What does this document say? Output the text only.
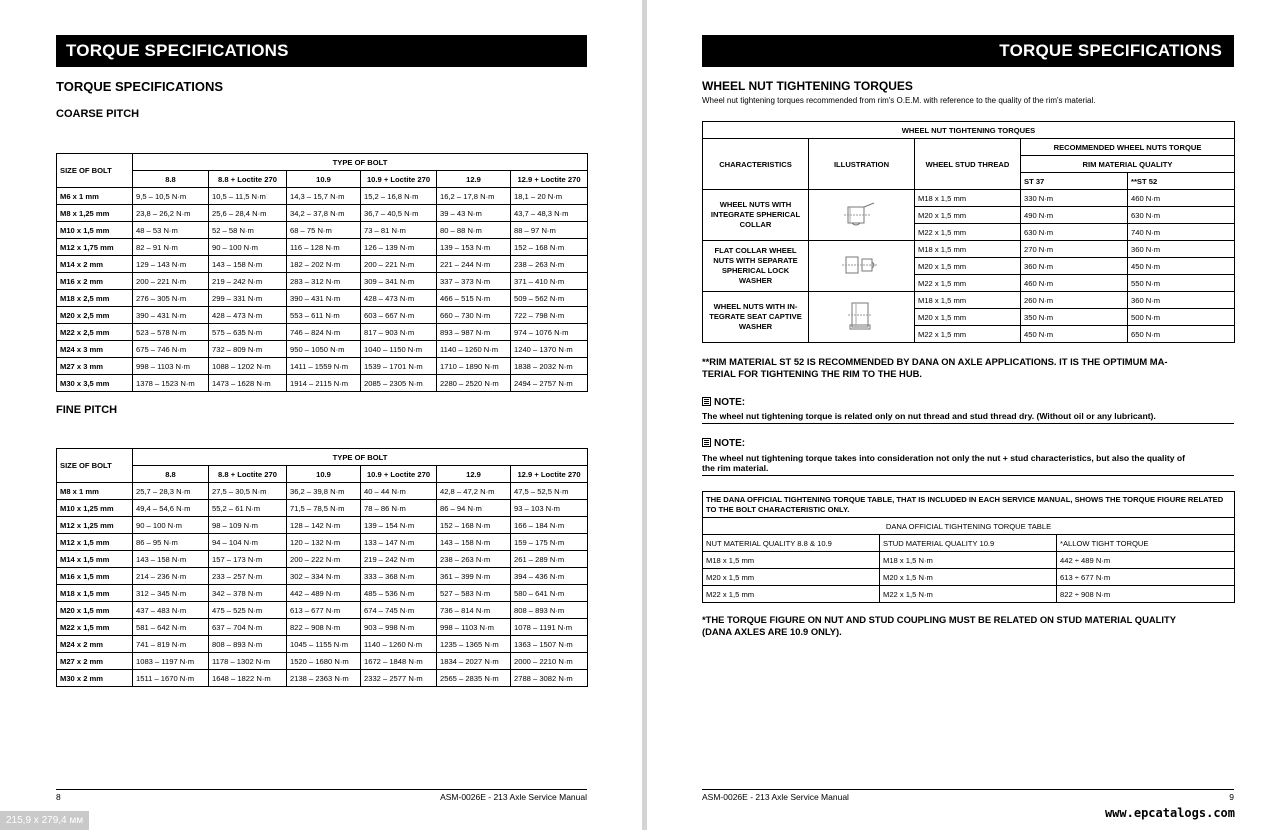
TORQUE SPECIFICATIONS
TORQUE SPECIFICATIONS
COARSE PITCH
SIZE OF BOLT	TYPE OF BOLT					
	8.8	8.8 + Loctite 270	10.9	10.9 + Loctite 270	12.9	12.9 + Loctite 270
M6 x 1 mm	9,5 – 10,5 N·m	10,5 – 11,5 N·m	14,3 – 15,7 N·m	15,2 – 16,8 N·m	16,2 – 17,8 N·m	18,1 – 20 N·m
M8 x 1,25 mm	23,8 – 26,2 N·m	25,6 – 28,4 N·m	34,2 – 37,8 N·m	36,7 – 40,5 N·m	39 – 43 N·m	43,7 – 48,3 N·m
M10 x 1,5 mm	48 – 53 N·m	52 – 58 N·m	68 – 75 N·m	73 – 81 N·m	80 – 88 N·m	88 – 97 N·m
M12 x 1,75 mm	82 – 91 N·m	90 – 100 N·m	116 – 128 N·m	126 – 139 N·m	139 – 153 N·m	152 – 168 N·m
M14 x 2 mm	129 – 143 N·m	143 – 158 N·m	182 – 202 N·m	200 – 221 N·m	221 – 244 N·m	238 – 263 N·m
M16 x 2 mm	200 – 221 N·m	219 – 242 N·m	283 – 312 N·m	309 – 341 N·m	337 – 373 N·m	371 – 410 N·m
M18 x 2,5 mm	276 – 305 N·m	299 – 331 N·m	390 – 431 N·m	428 – 473 N·m	466 – 515 N·m	509 – 562 N·m
M20 x 2,5 mm	390 – 431 N·m	428 – 473 N·m	553 – 611 N·m	603 – 667 N·m	660 – 730 N·m	722 – 798 N·m
M22 x 2,5 mm	523 – 578 N·m	575 – 635 N·m	746 – 824 N·m	817 – 903 N·m	893 – 987 N·m	974 – 1076 N·m
M24 x 3 mm	675 – 746 N·m	732 – 809 N·m	950 – 1050 N·m	1040 – 1150 N·m	1140 – 1260 N·m	1240 – 1370 N·m
M27 x 3 mm	998 – 1103 N·m	1088 – 1202 N·m	1411 – 1559 N·m	1539 – 1701 N·m	1710 – 1890 N·m	1838 – 2032 N·m
M30 x 3,5 mm	1378 – 1523 N·m	1473 – 1628 N·m	1914 – 2115 N·m	2085 – 2305 N·m	2280 – 2520 N·m	2494 – 2757 N·m
FINE PITCH
SIZE OF BOLT	TYPE OF BOLT					
	8.8	8.8 + Loctite 270	10.9	10.9 + Loctite 270	12.9	12.9 + Loctite 270
M8 x 1 mm	25,7 – 28,3 N·m	27,5 – 30,5 N·m	36,2 – 39,8 N·m	40 – 44 N·m	42,8 – 47,2 N·m	47,5 – 52,5 N·m
M10 x 1,25 mm	49,4 – 54,6 N·m	55,2 – 61 N·m	71,5 – 78,5 N·m	78 – 86 N·m	86 – 94 N·m	93 – 103 N·m
M12 x 1,25 mm	90 – 100 N·m	98 – 109 N·m	128 – 142 N·m	139 – 154 N·m	152 – 168 N·m	166 – 184 N·m
M12 x 1,5 mm	86 – 95 N·m	94 – 104 N·m	120 – 132 N·m	133 – 147 N·m	143 – 158 N·m	159 – 175 N·m
M14 x 1,5 mm	143 – 158 N·m	157 – 173 N·m	200 – 222 N·m	219 – 242 N·m	238 – 263 N·m	261 – 289 N·m
M16 x 1,5 mm	214 – 236 N·m	233 – 257 N·m	302 – 334 N·m	333 – 368 N·m	361 – 399 N·m	394 – 436 N·m
M18 x 1,5 mm	312 – 345 N·m	342 – 378 N·m	442 – 489 N·m	485 – 536 N·m	527 – 583 N·m	580 – 641 N·m
M20 x 1,5 mm	437 – 483 N·m	475 – 525 N·m	613 – 677 N·m	674 – 745 N·m	736 – 814 N·m	808 – 893 N·m
M22 x 1,5 mm	581 – 642 N·m	637 – 704 N·m	822 – 908 N·m	903 – 998 N·m	998 – 1103 N·m	1078 – 1191 N·m
M24 x 2 mm	741 – 819 N·m	808 – 893 N·m	1045 – 1155 N·m	1140 – 1260 N·m	1235 – 1365 N·m	1363 – 1507 N·m
M27 x 2 mm	1083 – 1197 N·m	1178 – 1302 N·m	1520 – 1680 N·m	1672 – 1848 N·m	1834 – 2027 N·m	2000 – 2210 N·m
M30 x 2 mm	1511 – 1670 N·m	1648 – 1822 N·m	2138 – 2363 N·m	2332 – 2577 N·m	2565 – 2835 N·m	2788 – 3082 N·m
8	ASM-0026E - 213 Axle Service Manual
TORQUE SPECIFICATIONS
WHEEL NUT TIGHTENING TORQUES
Wheel nut tightening torques recommended from rim's O.E.M. with reference to the quality of the rim's material.
WHEEL NUT TIGHTENING TORQUES				
CHARACTERISTICS	ILLUSTRATION	WHEEL STUD THREAD	RECOMMENDED WHEEL NUTS TORQUE	
			RIM MATERIAL QUALITY	
			ST 37	**ST 52
WHEEL NUTS WITH INTEGRATE SPHERICAL COLLAR		M18 x 1,5 mm	330 N·m	460 N·m
		M20 x 1,5 mm	490 N·m	630 N·m
		M22 x 1,5 mm	630 N·m	740 N·m
FLAT COLLAR WHEEL NUTS WITH SEPARATE SPHERICAL LOCK WASHER		M18 x 1,5 mm	270 N·m	360 N·m
		M20 x 1,5 mm	360 N·m	450 N·m
		M22 x 1,5 mm	460 N·m	550 N·m
WHEEL NUTS WITH IN-TEGRATE SEAT CAPTIVE WASHER		M18 x 1,5 mm	260 N·m	360 N·m
		M20 x 1,5 mm	350 N·m	500 N·m
		M22 x 1,5 mm	450 N·m	650 N·m
**RIM MATERIAL ST 52 IS RECOMMENDED BY DANA ON AXLE APPLICATIONS. IT IS THE OPTIMUM MA-
TERIAL FOR TIGHTENING THE RIM TO THE HUB.
NOTE:
The wheel nut tightening torque is related only on nut thread and stud thread dry. (Without oil or any lubricant).
NOTE:
The wheel nut tightening torque takes into consideration not only the nut + stud characteristics, but also the quality of
the rim material.
THE DANA OFFICIAL TIGHTENING TORQUE TABLE, THAT IS INCLUDED IN EACH SERVICE MANUAL, SHOWS THE TORQUE FIGURE RELATED TO THE BOLT CHARACTERISTIC ONLY.		
DANA OFFICIAL TIGHTENING TORQUE TABLE		
NUT MATERIAL QUALITY 8.8 & 10.9	STUD MATERIAL QUALITY 10.9	*ALLOW TIGHT TORQUE
M18 x 1,5 mm	M18 x 1,5 N·m	442 ÷ 489 N·m
M20 x 1,5 mm	M20 x 1,5 N·m	613 ÷ 677 N·m
M22 x 1,5 mm	M22 x 1,5 N·m	822 ÷ 908 N·m
*THE TORQUE FIGURE ON NUT AND STUD COUPLING MUST BE RELATED ON STUD MATERIAL QUALITY
(DANA AXLES ARE 10.9 ONLY).
ASM-0026E - 213 Axle Service Manual	9
215,9 x 279,4 мм
www.epcatalogs.com
